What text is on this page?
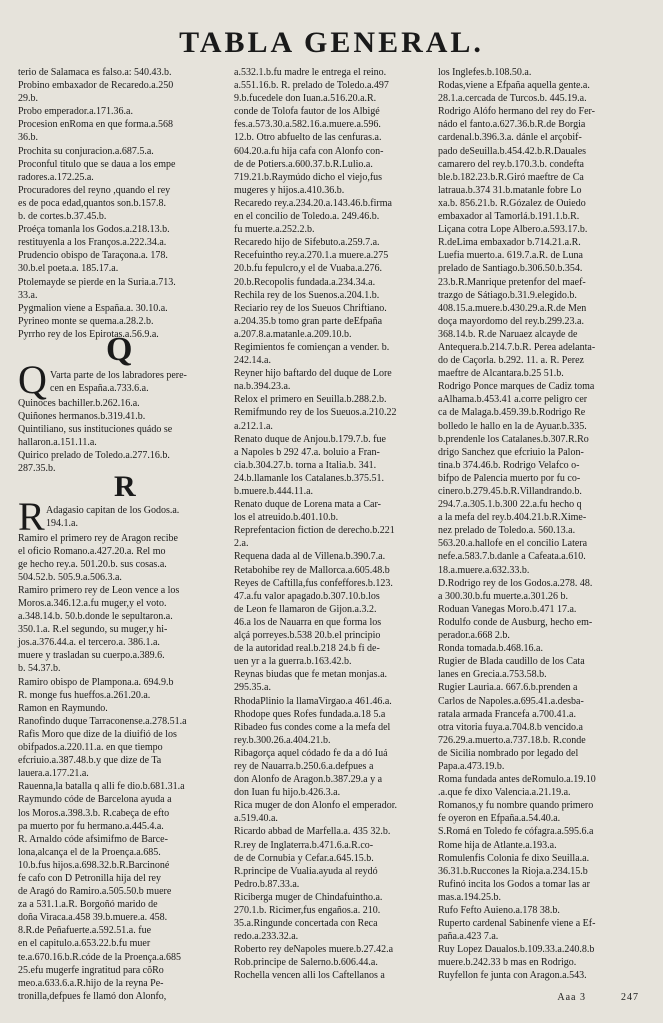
TABLA GENERAL.
terio de Salamaca es falso.a: 540.43.b.
Probino embaxador de Recaredo.a.250
29.b.
Probo emperador.a.171.36.a.
Procesion enRoma en que forma.a.568
36.b.
Prochita su conjuracion.a.687.5.a.
Proconful titulo que se daua a los empe
radores.a.172.25.a.
Procuradores del reyno ,quando el rey
es de poca edad,quantos son.b.157.8.
b. de cortes.b.37.45.b.
Proéça tomanla los Godos.a.218.13.b.
restituyenla a los Franços.a.222.34.a.
Prudencio obispo de Taraçona.a. 178.
30.b.el poeta.a. 185.17.a.
Ptolemayde se pierde en la Suria.a.713.
33.a.
Pygmalion viene a España.a. 30.10.a.
Pyrineo monte se quema.a.28.2.b.
Pyrrho rey de los Epirotas.a.56.9.a.
Q
Q Varta parte de los labradores pere-
cen en España.a.733.6.a.
Quinoces bachiller.b.262.16.a.
Quiñones hermanos.b.319.41.b.
Quintiliano, sus instituciones quádo se
hallaron.a.151.11.a.
Quirico prelado de Toledo.a.277.16.b.
287.35.b.
R
R Adagasio capitan de los Godos.a.
194.1.a.
Ramiro el primero rey de Aragon recibe
el oficio Romano.a.427.20.a. Rel mo
ge hecho rey.a. 501.20.b. sus cosas.a.
504.52.b. 505.9.a.506.3.a.
Ramiro primero rey de Leon vence a los
Moros.a.346.12.a.fu muger,y el voto.
a.348.14.b. 50.b.donde le sepultaron.a.
350.1.a. R.el segundo, su muger,y hi-
jos.a.376.44.a. el tercero.a. 386.1.a.
muere y trasladan su cuerpo.a.389.6.
b. 54.37.b.
Ramiro obispo de Plampona.a. 694.9.b
R. monge fus hueffos.a.261.20.a.
Ramon en Raymundo.
Ranofindo duque Tarraconense.a.278.51.a
Rafis Moro que dize de la diuifió de los
obifpados.a.220.11.a. en que tiempo
efcriuio.a.387.48.b.y que dize de Ta
lauera.a.177.21.a.
Rauenna,la batalla q alli fe dio.b.681.31.a
Raymundo códe de Barcelona ayuda a
los Moros.a.398.3.b. R.cabeça de efto
pa muerto por fu hermano.a.445.4.a.
R. Arnaldo códe afsimifmo de Barce-
lona,alcança el de la Proença.a.685.
10.b.fus hijos.a.698.32.b.R.Barcinoné
fe cafo con D Petronilla hija del rey
de Aragó do Ramiro.a.505.50.b muere
za a 531.1.a.R. Borgoñó marido de
doña Viraca.a.458 39.b.muere.a. 458.
8.R.de Peñafuerte.a.592.51.a. fue
en el capitulo.a.653.22.b.fu muer
te.a.670.16.b.R.códe de la Proença.a.685
25.efu mugerfe ingratitud para cõRo
meo.a.633.6.a.R.hijo de la reyna Pe-
tronilla,defpues fe llamó don Alonfo,
a.532.1.b.fu madre le entrega el reino.
a.551.16.b. R. prelado de Toledo.a.497
9.b.fucedele don Iuan.a.516.20.a.R.
conde de Tolofa fautor de los Albigé
fes.a.573.30.a.582.16.a.muere.a.596.
12.b. Otro abfuelto de las cenfuras.a.
604.20.a.fu hija cafa con Alonfo con-
de de Potiers.a.600.37.b.R.Lulio.a.
719.21.b.Raymúdo dicho el viejo,fus
mugeres y hijos.a.410.36.b.
Recaredo rey.a.234.20.a.143.46.b.firma
en el concilio de Toledo.a. 249.46.b.
fu muerte.a.252.2.b.
Recaredo hijo de Sifebuto.a.259.7.a.
Recefuintho rey.a.270.1.a muere.a.275
20.b.fu fepulcro,y el de Vuaba.a.276.
20.b.Recopolis fundada.a.234.34.a.
Rechila rey de los Suenos.a.204.1.b.
Reciario rey de los Sueuos Chriftiano.
a.204.35.b tomo gran parte deEfpaña
a.207.8.a.matanle.a.209.10.b.
Regimientos fe comiençan a vender. b.
242.14.a.
Reyner hijo baftardo del duque de Lore
na.b.394.23.a.
Relox el primero en Seuilla.b.288.2.b.
Remifmundo rey de los Sueuos.a.210.22
a.212.1.a.
Renato duque de Anjou.b.179.7.b. fue
a Napoles b 292 47.a. boluio a Fran-
cia.b.304.27.b. torna a Italia.b. 341.
24.b.llamanle los Catalanes.b.375.51.
b.muere.b.444.11.a.
Renato duque de Lorena mata a Car-
los el atreuido.b.401.10.b.
Reprefentacion fiction de derecho.b.221
2.a.
Requena dada al de Villena.b.390.7.a.
Retabohibe rey de Mallorca.a.605.48.b
Reyes de Caftilla,fus confeffores.b.123.
47.a.fu valor apagado.b.307.10.b.los
de Leon fe llamaron de Gijon.a.3.2.
46.a los de Nauarra en que forma los
alçá porreyes.b.538 20.b.el principio
de la autoridad real.b.218 24.b fi de-
uen yr a la guerra.b.163.42.b.
Reynas biudas que fe metan monjas.a.
295.35.a.
RhodaPlinio la llamaVirgao.a 461.46.a.
Rhodope ques Rofes fundada.a.18 5.a
Ribadeo fus condes come a la mefa del
rey.b.300.26.a.404.21.b.
Ribagorça aquel códado fe da a dó Iuá
rey de Nauarra.b.250.6.a.defpues a
don Alonfo de Aragon.b.387.29.a y a
don Iuan fu hijo.b.426.3.a.
Rica muger de don Alonfo el emperador.
a.519.40.a.
Ricardo abbad de Marfella.a. 435 32.b.
R.rey de Inglaterra.b.471.6.a.R.co-
de de Cornubia y Cefar.a.645.15.b.
R.principe de Vualia.ayuda al reydó
Pedro.b.87.33.a.
Riciberga muger de Chindafuintho.a.
270.1.b. Ricimer,fus engaños.a. 210.
35.a.Ringunde concertada con Reca
redo.a.233.32.a.
Roberto rey deNapoles muere.b.27.42.a
Rob.principe de Salerno.b.606.44.a.
Rochella vencen alli los Caftellanos a
los Inglefes.b.108.50.a.
Rodas,viene a Efpaña aquella gente.a.
28.1.a.cercada de Turcos.b. 445.19.a.
Rodrigo Alófo hermano del rey do Fer-
nádo el fanto.a.627.36.b.R.de Borgia
cardenal.b.396.3.a. dánle el arçobif-
pado deSeuilla.b.454.42.b.R.Dauales
camarero del rey.b.170.3.b. condefta
ble.b.182.23.b.R.Giró maeftre de Ca
latraua.b.374 31.b.matanle fobre Lo
xa.b. 856.21.b. R.Gózalez de Ouiedo
embaxador al Tamorlá.b.191.1.b.R.
Liçana cotra Lope Albero.a.593.17.b.
R.deLima embaxador b.714.21.a.R.
Luefia muerto.a. 619.7.a.R. de Luna
prelado de Santiago.b.306.50.b.354.
23.b.R.Manrique pretenfor del maef-
trazgo de Sátiago.b.31.9.elegido.b.
408.15.a.muere.b.430.29.a.R.de Men
doça mayordomo del rey.b.299.23.a.
368.14.b. R.de Naruaez alcayde de
Antequera.b.214.7.b.R. Perea adelanta-
do de Caçorla. b.292. 11. a. R. Perez
maeftre de Alcantara.b.25 51.b.
Rodrigo Ponce marques de Cadiz toma
aAlhama.b.453.41 a.corre peligro cer
ca de Malaga.b.459.39.b.Rodrigo Re
bolledo le hallo en la de Ayuar.b.335.
b.prendenle los Catalanes.b.307.R.Ro
drigo Sanchez que efcriuio la Palon-
tina.b 374.46.b. Rodrigo Velafco o-
bifpo de Palencia muerto por fu co-
cinero.b.279.45.b.R.Villandrando.b.
294.7.a.305.1.b.300 22.a.fu hecho q
a la mefa del rey.b.404.21.b.R.Xime-
nez prelado de Toledo.a. 560.13.a.
563.20.a.hallofe en el concilio Latera
nefe.a.583.7.b.danle a Cafeata.a.610.
18.a.muere.a.632.33.b.
D.Rodrigo rey de los Godos.a.278. 48.
a 300.30.b.fu muerte.a.301.26 b.
Roduan Vanegas Moro.b.471 17.a.
Rodulfo conde de Ausburg, hecho em-
perador.a.668 2.b.
Ronda tomada.b.468.16.a.
Rugier de Blada caudillo de los Cata
lanes en Grecia.a.753.58.b.
Rugier Lauria.a. 667.6.b.prenden a
Carlos de Napoles.a.695.41.a.desba-
ratala armada Francefa a.700.41.a.
otra vitoria fuya.a.704.8.b vencido.a
726.29.a.muerto.a.737.18.b. R.conde
de Sicilia nombrado por legado del
Papa.a.473.19.b.
Roma fundada antes deRomulo.a.19.10
.a.que fe dixo Valencia.a.21.19.a.
Romanos,y fu nombre quando primero
fe oyeron en Efpaña.a.54.40.a.
S.Romá en Toledo fe cófagra.a.595.6.a
Rome hija de Atlante.a.193.a.
Romulenfis Colonia fe dixo Seuilla.a.
36.31.b.Ruccones la Rioja.a.234.15.b
Rufinó incita los Godos a tomar las ar
mas.a.194.25.b.
Rufo Fefto Auieno.a.178 38.b.
Ruperto cardenal Sabinenfe viene a Ef-
paña.a.423 7.a.
Ruy Lopez Daualos.b.109.33.a.240.8.b
muere.b.242.33 b mas en Rodrigo.
Ruyfellon fe junta con Aragon.a.543.
Aaa 3	247
